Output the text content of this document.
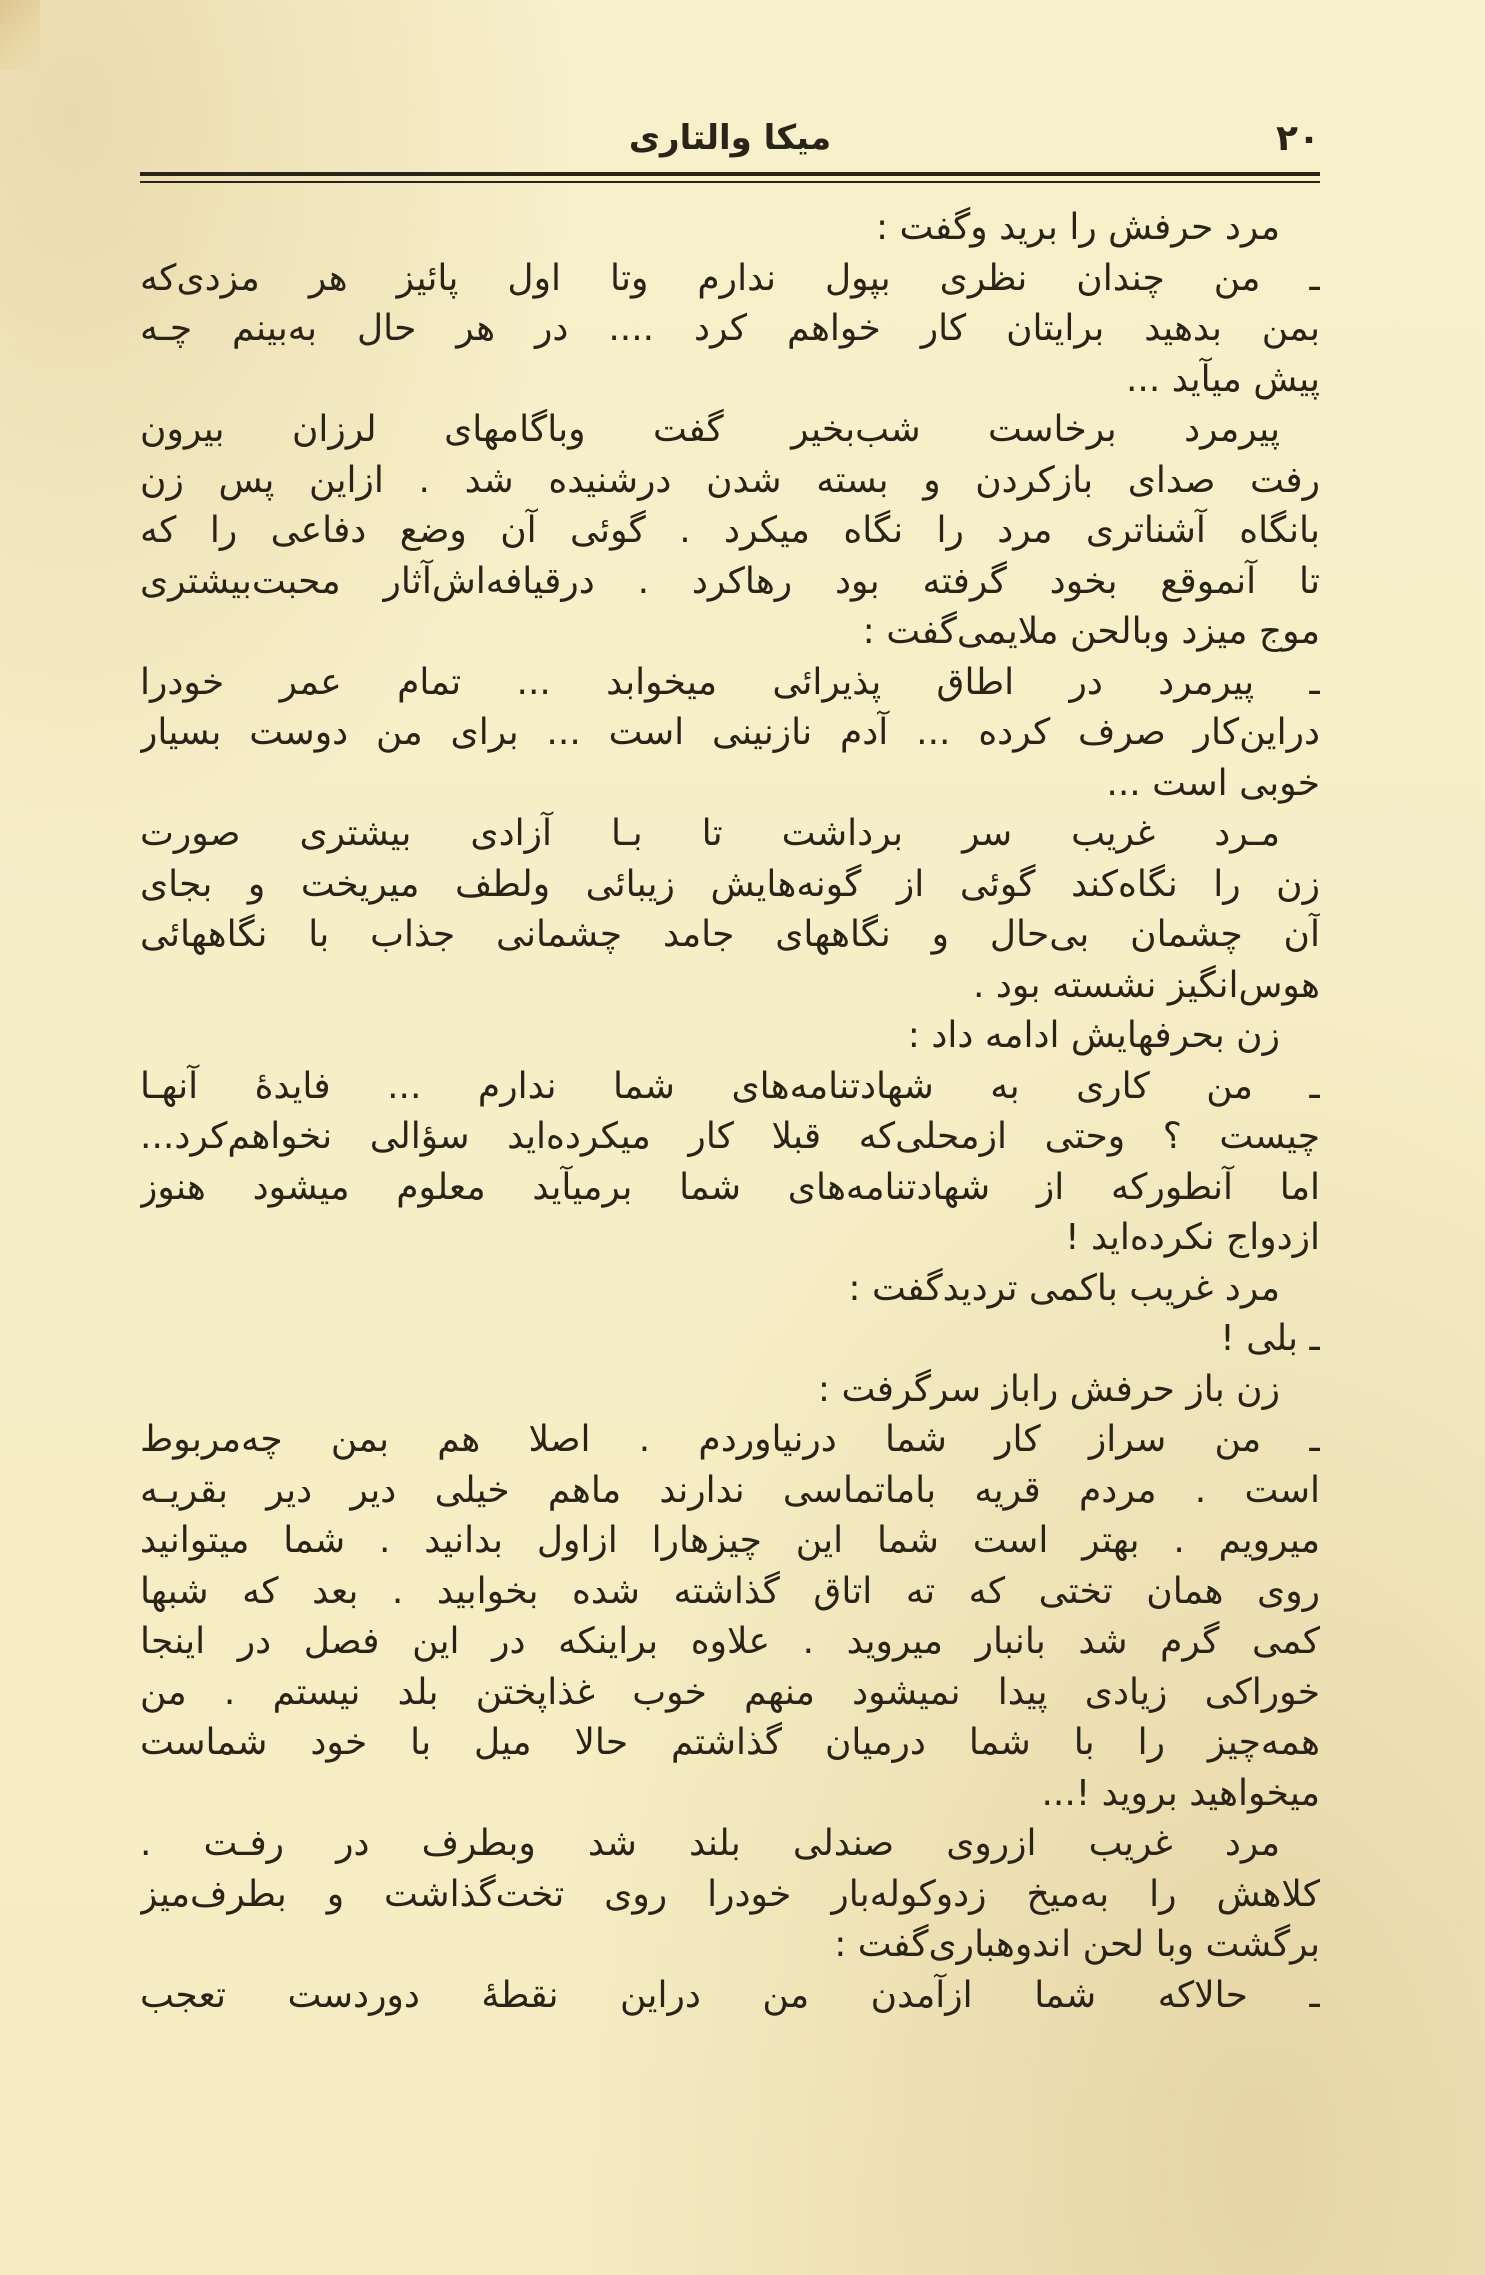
۲۰
میکا والتاری
مرد حرفش را برید وگفت :
ـ من چندان نظری بپول ندارم وتا اول پائیز هر مزدی‌که
بمن بدهید برایتان کار خواهم کرد .... در هر حال به‌بینم چـه
پیش میآید ...
پیرمرد برخاست شب‌بخیر گفت وباگامهای لرزان بیرون
رفت صدای بازکردن و بسته شدن درشنیده شد . ازاین پس زن
بانگاه آشناتری مرد را نگاه میکرد . گوئی آن وضع دفاعی را که
تا آنموقع بخود گرفته بود رهاکرد . درقیافه‌اش‌آثار محبت‌بیشتری
موج میزد وبالحن ملایمی‌گفت :
ـ پیرمرد در اطاق پذیرائی میخوابد ... تمام عمر خودرا
دراین‌کار صرف کرده ... آدم نازنینی است ... برای من دوست بسیار
خوبی است ...
مـرد غریب سر برداشت تا بـا آزادی بیشتری صورت
زن را نگاه‌کند گوئی از گونه‌هایش زیبائی ولطف میریخت و بجای
آن چشمان بی‌حال و نگاههای جامد چشمانی جذاب با نگاههائی
هوس‌انگیز نشسته بود .
زن بحرفهایش ادامه داد :
ـ من کاری به شهادتنامه‌های شما ندارم ... فایدهٔ آنهـا
چیست ؟ وحتی ازمحلی‌که قبلا کار میکرده‌اید سؤالی نخواهم‌کرد...
اما آنطورکه از شهادتنامه‌های شما برمیآید معلوم میشود هنوز
ازدواج نکرده‌اید !
مرد غریب باکمی تردیدگفت :
ـ بلی !
زن باز حرفش راباز سرگرفت :
ـ من سراز کار شما درنیاوردم . اصلا هم بمن چه‌مربوط
است . مردم قریه باماتماسی ندارند ماهم خیلی دیر دیر بقریـه
میرویم . بهتر است شما این چیزهارا ازاول بدانید . شما میتوانید
روی همان تختی که ته اتاق گذاشته شده بخوابید . بعد که شبها
کمی گرم شد بانبار میروید . علاوه براینکه در این فصل در اینجا
خوراکی زیادی پیدا نمیشود منهم خوب غذاپختن بلد نیستم . من
همه‌چیز را با شما درمیان گذاشتم حالا میل با خود شماست
میخواهید بروید !...
مرد غریب ازروی صندلی بلند شد وبطرف در رفـت .
کلاهش را به‌میخ زدوکوله‌بار خودرا روی تخت‌گذاشت و بطرف‌میز
برگشت وبا لحن اندوهباری‌گفت :
ـ حالاکه شما ازآمدن من دراین نقطهٔ دوردست تعجب
